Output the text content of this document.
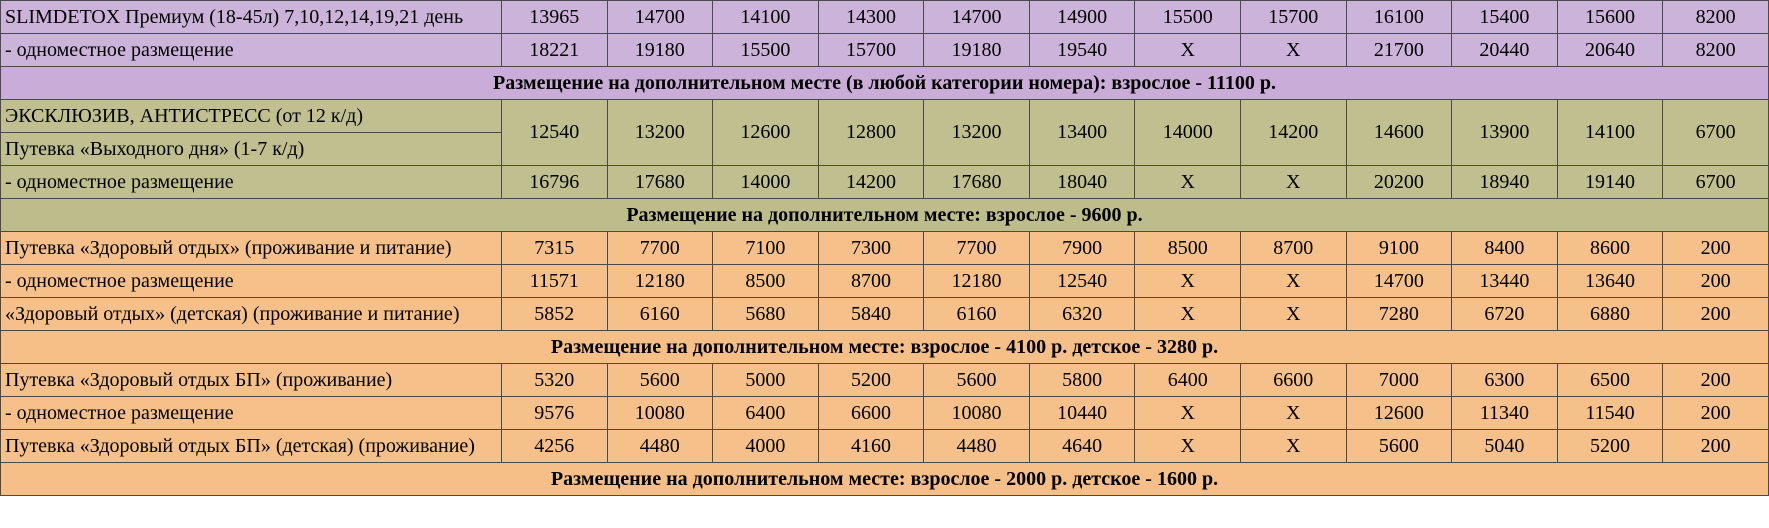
SLIMDETOX Премиум (18-45л) 7,10,12,14,19,21 день	13965	14700	14100	14300	14700	14900	15500	15700	16100	15400	15600	8200
- одноместное размещение	18221	19180	15500	15700	19180	19540	X	X	21700	20440	20640	8200
Размещение на дополнительном месте (в любой категории номера): взрослое - 11100 р.												
ЭКСКЛЮЗИВ, АНТИСТРЕСС (от 12 к/д)	12540	13200	12600	12800	13200	13400	14000	14200	14600	13900	14100	6700
Путевка «Выходного дня» (1-7 к/д)												
- одноместное размещение	16796	17680	14000	14200	17680	18040	X	X	20200	18940	19140	6700
Размещение на дополнительном месте: взрослое - 9600 р.												
Путевка «Здоровый отдых» (проживание и питание)	7315	7700	7100	7300	7700	7900	8500	8700	9100	8400	8600	200
- одноместное размещение	11571	12180	8500	8700	12180	12540	X	X	14700	13440	13640	200
«Здоровый отдых» (детская) (проживание и питание)	5852	6160	5680	5840	6160	6320	X	X	7280	6720	6880	200
Размещение на дополнительном месте: взрослое - 4100 р. детское - 3280 р.												
Путевка «Здоровый отдых БП» (проживание)	5320	5600	5000	5200	5600	5800	6400	6600	7000	6300	6500	200
- одноместное размещение	9576	10080	6400	6600	10080	10440	X	X	12600	11340	11540	200
Путевка «Здоровый отдых БП» (детская) (проживание)	4256	4480	4000	4160	4480	4640	X	X	5600	5040	5200	200
Размещение на дополнительном месте: взрослое - 2000 р. детское - 1600 р.												
